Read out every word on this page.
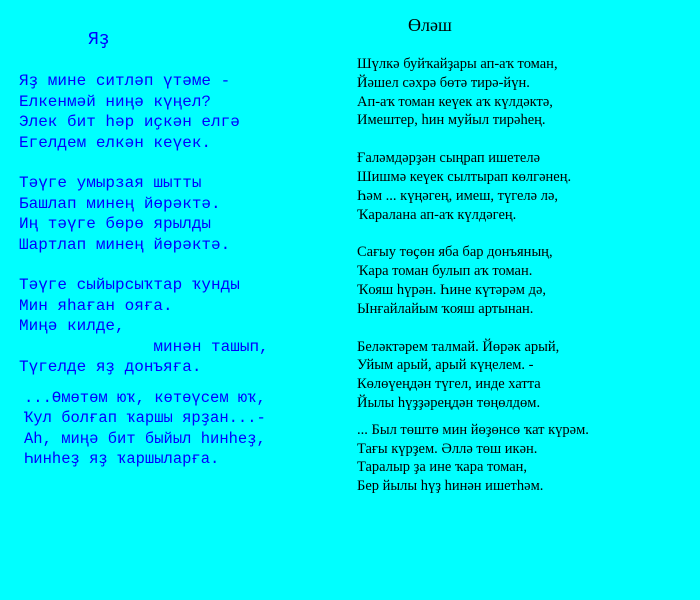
Яҙ
Яҙ мине ситләп үтәме -
Елкенмәй ниңә күңел?
Элек бит һәр иҫкән елгә
Егелдем елкән кеүек.
Тәүге умырзая шытты
Башлап минең йөрәктә.
Иң тәүге бөрө ярылды
Шартлап минең йөрәктә.
Тәүге сыйырсыҡтар ҡунды
Мин яһаған ояға.
Миңә килде,
минән ташып,
Түгелде яҙ донъяға.
...Өмөтөм юҡ, көтөүсем юҡ,
Ҡул болғап ҡаршы ярҙан...-
Аһ, миңә бит быйыл һинһеҙ,
Һинһеҙ яҙ ҡаршыларға.
Өләш
Шүлкә буйҡайҙары ап-аҡ томан,
Йәшел сәхрә бөтә тирә-йүн.
Ап-аҡ томан кеүек аҡ күлдәктә,
Имештер, һин муйыл тирәһең.
Ғаләмдәрҙән сыңрап ишетелә
Шишмә кеүек сылтырап көлгәнең.
Һәм ... күңәгең, имеш, түгелә лә,
Ҡаралана ап-аҡ күлдәгең.
Сағыу төҫөн яба бар донъяның,
Ҡара томан булып аҡ томан.
Ҡояш һүрән. Һине күтәрәм дә,
Ынғайлайым ҡояш артынан.
Беләктәрем талмай. Йөрәк арый,
Уйым арый, арый күңелем. -
Көлөүеңдән түгел, инде хатта
Йылы һүҙҙәреңдән төңөлдөм.
... Был төштө мин йөҙөнсө ҡат күрәм.
Тағы күрҙем. Әллә төш икән.
Таралыр ҙа ине ҡара томан,
Бер йылы һүҙ һинән ишетһәм.
